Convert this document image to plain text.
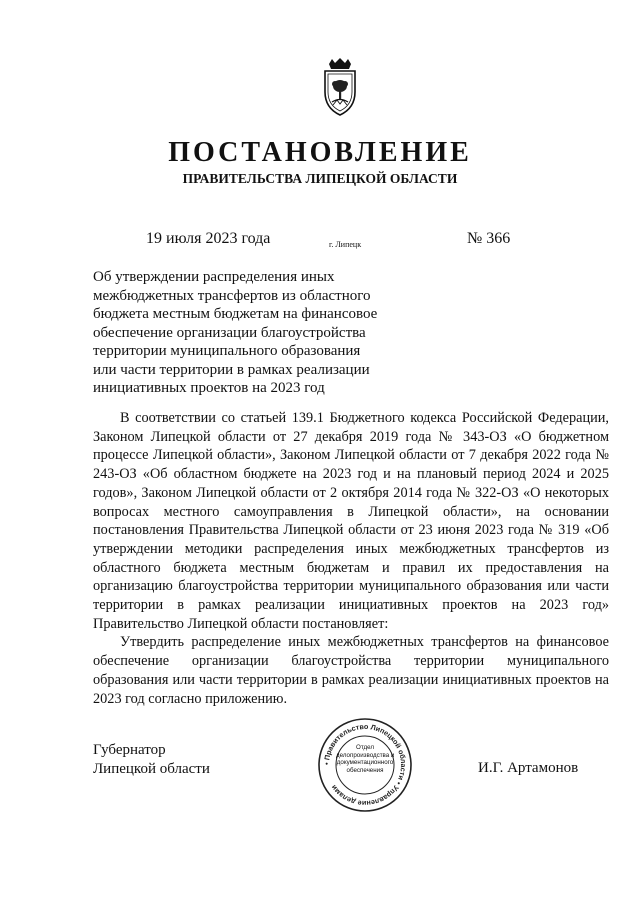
ПОСТАНОВЛЕНИЕ
ПРАВИТЕЛЬСТВА ЛИПЕЦКОЙ ОБЛАСТИ
19 июля 2023 года	г. Липецк	№ 366
Об утверждении распределения иных
межбюджетных трансфертов из областного
бюджета местным бюджетам на финансовое
обеспечение организации благоустройства
территории муниципального образования
или части территории в рамках реализации
инициативных проектов на 2023 год

В соответствии со статьей 139.1 Бюджетного кодекса Российской Федерации, Законом Липецкой области от 27 декабря 2019 года № 343-ОЗ «О бюджетном процессе Липецкой области», Законом Липецкой области от 7 декабря 2022 года № 243-ОЗ «Об областном бюджете на 2023 год и на плановый период 2024 и 2025 годов», Законом Липецкой области от 2 октября 2014 года № 322-ОЗ «О некоторых вопросах местного самоуправления в Липецкой области», на основании постановления Правительства Липецкой области от 23 июня 2023 года № 319 «Об утверждении методики распределения иных межбюджетных трансфертов из областного бюджета местным бюджетам и правил их предоставления на организацию благоустройства территории муниципального образования или части территории в рамках реализации инициативных проектов на 2023 год» Правительство Липецкой области постановляет:

Утвердить распределение иных межбюджетных трансфертов на финансовое обеспечение организации благоустройства территории муниципального образования или части территории в рамках реализации инициативных проектов на 2023 год согласно приложению.

Губернатор
Липецкой области	• Правительство Липецкой области • Управление делами
Отдел
делопроизводства и
документационного
обеспечения	И.Г. Артамонов
